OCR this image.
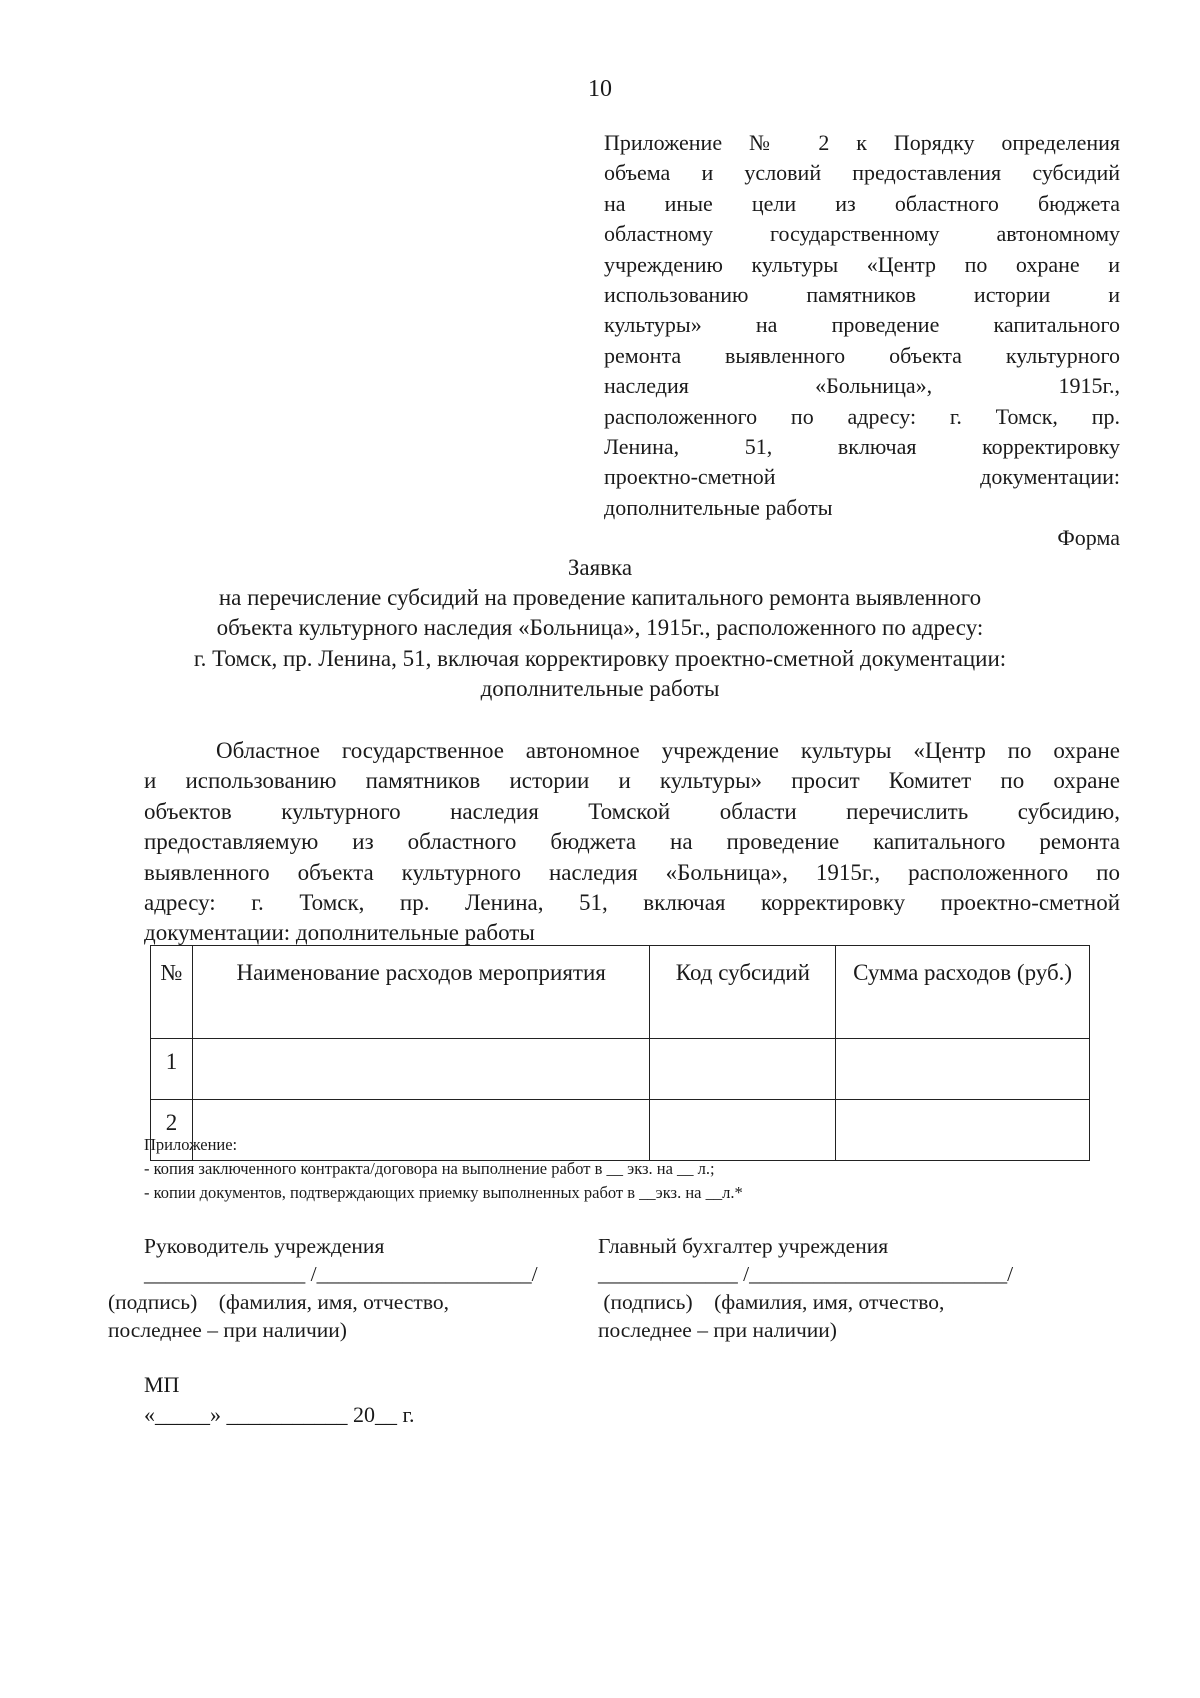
10
Приложение № 2 к Порядку определения
объема и условий предоставления субсидий
на иные цели из областного бюджета
областному государственному автономному
учреждению культуры «Центр по охране и
использованию памятников истории и
культуры» на проведение капитального
ремонта выявленного объекта культурного
наследия «Больница», 1915г.,
расположенного по адресу: г. Томск, пр.
Ленина, 51, включая корректировку
проектно-сметной документации:
дополнительные работы
Форма
Заявка
на перечисление субсидий на проведение капитального ремонта выявленного
объекта культурного наследия «Больница», 1915г., расположенного по адресу:
г. Томск, пр. Ленина, 51, включая корректировку проектно-сметной документации:
дополнительные работы
Областное государственное автономное учреждение культуры «Центр по охране
и использованию памятников истории и культуры» просит Комитет по охране
объектов культурного наследия Томской области перечислить субсидию,
предоставляемую из областного бюджета на проведение капитального ремонта
выявленного объекта культурного наследия «Больница», 1915г., расположенного по
адресу: г. Томск, пр. Ленина, 51, включая корректировку проектно-сметной
документации: дополнительные работы
№	Наименование расходов мероприятия	Код субсидий	Сумма расходов (руб.)
1			
2			
Приложение:
- копия заключенного контракта/договора на выполнение работ в __ экз. на __ л.;
- копии документов, подтверждающих приемку выполненных работ в __экз. на __л.*
Руководитель учреждения
_______________ /____________________/
(подпись)    (фамилия, имя, отчество,
последнее – при наличии)
Главный бухгалтер учреждения
_____________ /________________________/
(подпись)    (фамилия, имя, отчество,
последнее – при наличии)
МП
«_____» ___________ 20__ г.
